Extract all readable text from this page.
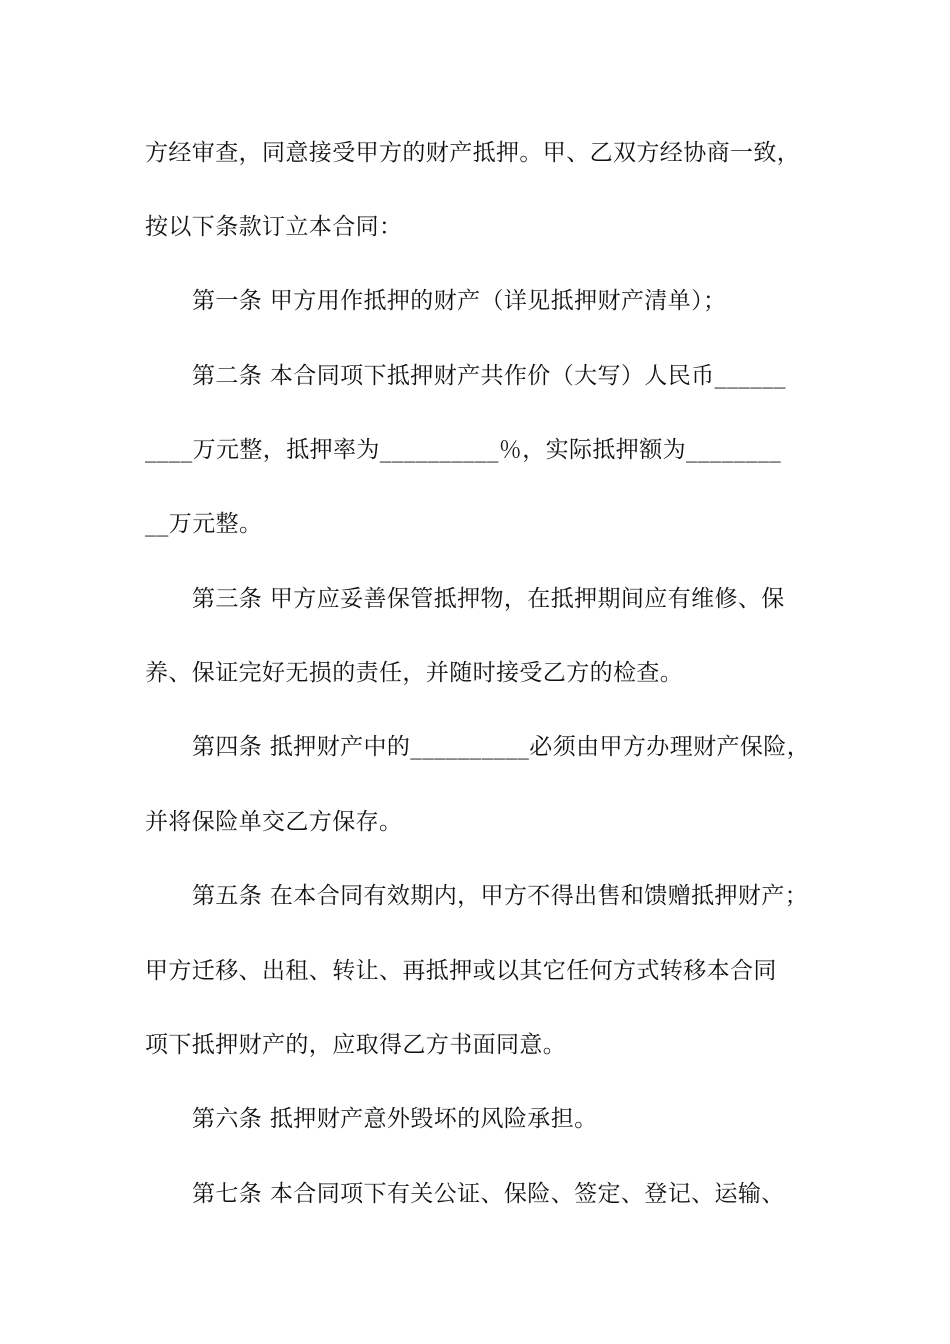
方经审查，同意接受甲方的财产抵押。甲、乙双方经协商一致，
按以下条款订立本合同：
第一条 甲方用作抵押的财产（详见抵押财产清单）；
第二条 本合同项下抵押财产共作价（大写）人民币______
____万元整，抵押率为__________％，实际抵押额为________
__万元整。
第三条 甲方应妥善保管抵押物，在抵押期间应有维修、保
养、保证完好无损的责任，并随时接受乙方的检查。
第四条 抵押财产中的__________必须由甲方办理财产保险，
并将保险单交乙方保存。
第五条 在本合同有效期内，甲方不得出售和馈赠抵押财产；
甲方迁移、出租、转让、再抵押或以其它任何方式转移本合同
项下抵押财产的，应取得乙方书面同意。
第六条 抵押财产意外毁坏的风险承担。
第七条 本合同项下有关公证、保险、签定、登记、运输、
